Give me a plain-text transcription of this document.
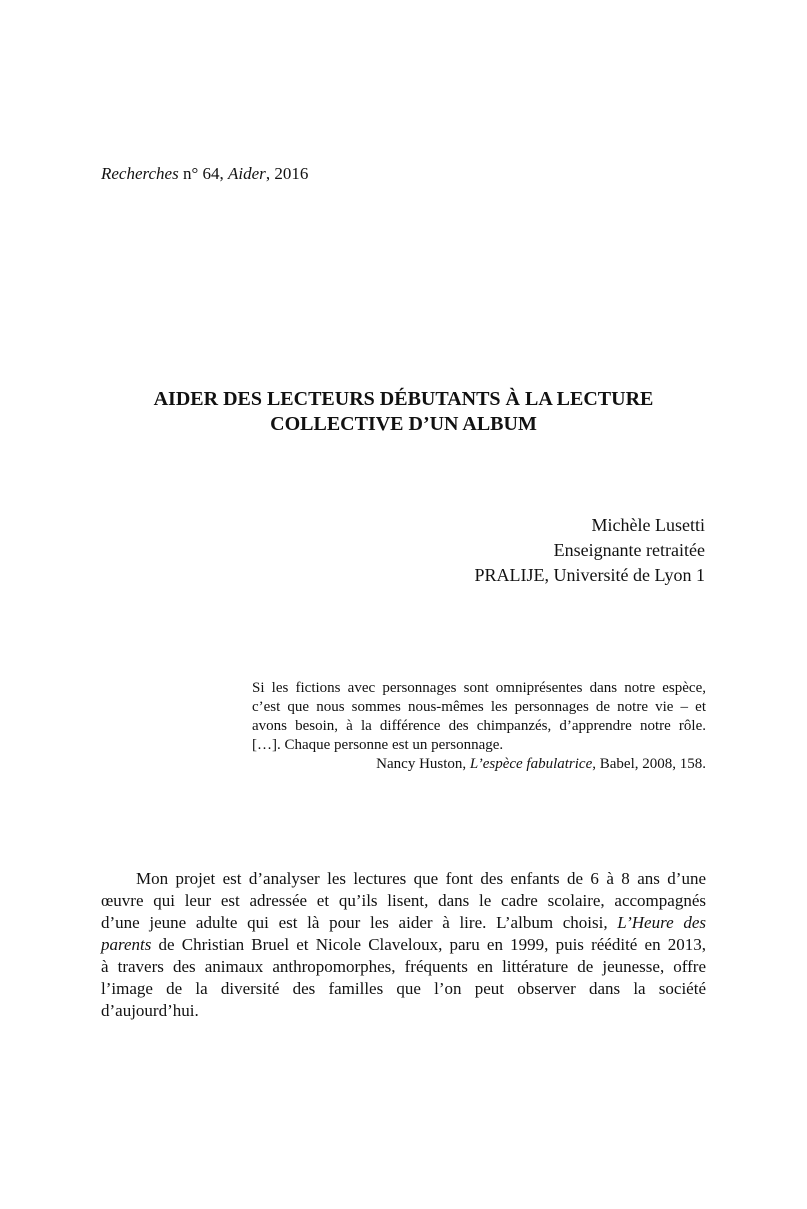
Recherches n° 64, Aider, 2016
AIDER DES LECTEURS DÉBUTANTS À LA LECTURE
COLLECTIVE D’UN ALBUM
Michèle Lusetti
Enseignante retraitée
PRALIJE, Université de Lyon 1
Si les fictions avec personnages sont omniprésentes dans notre espèce,
c’est que nous sommes nous-mêmes les personnages de notre vie – et
avons besoin, à la différence des chimpanzés, d’apprendre notre rôle.
[…]. Chaque personne est un personnage.
Nancy Huston, L’espèce fabulatrice, Babel, 2008, 158.
Mon projet est d’analyser les lectures que font des enfants de 6 à 8 ans d’une
œuvre qui leur est adressée et qu’ils lisent, dans le cadre scolaire, accompagnés
d’une jeune adulte qui est là pour les aider à lire. L’album choisi, L’Heure des
parents de Christian Bruel et Nicole Claveloux, paru en 1999, puis réédité en 2013,
à travers des animaux anthropomorphes, fréquents en littérature de jeunesse, offre
l’image de la diversité des familles que l’on peut observer dans la société
d’aujourd’hui.
